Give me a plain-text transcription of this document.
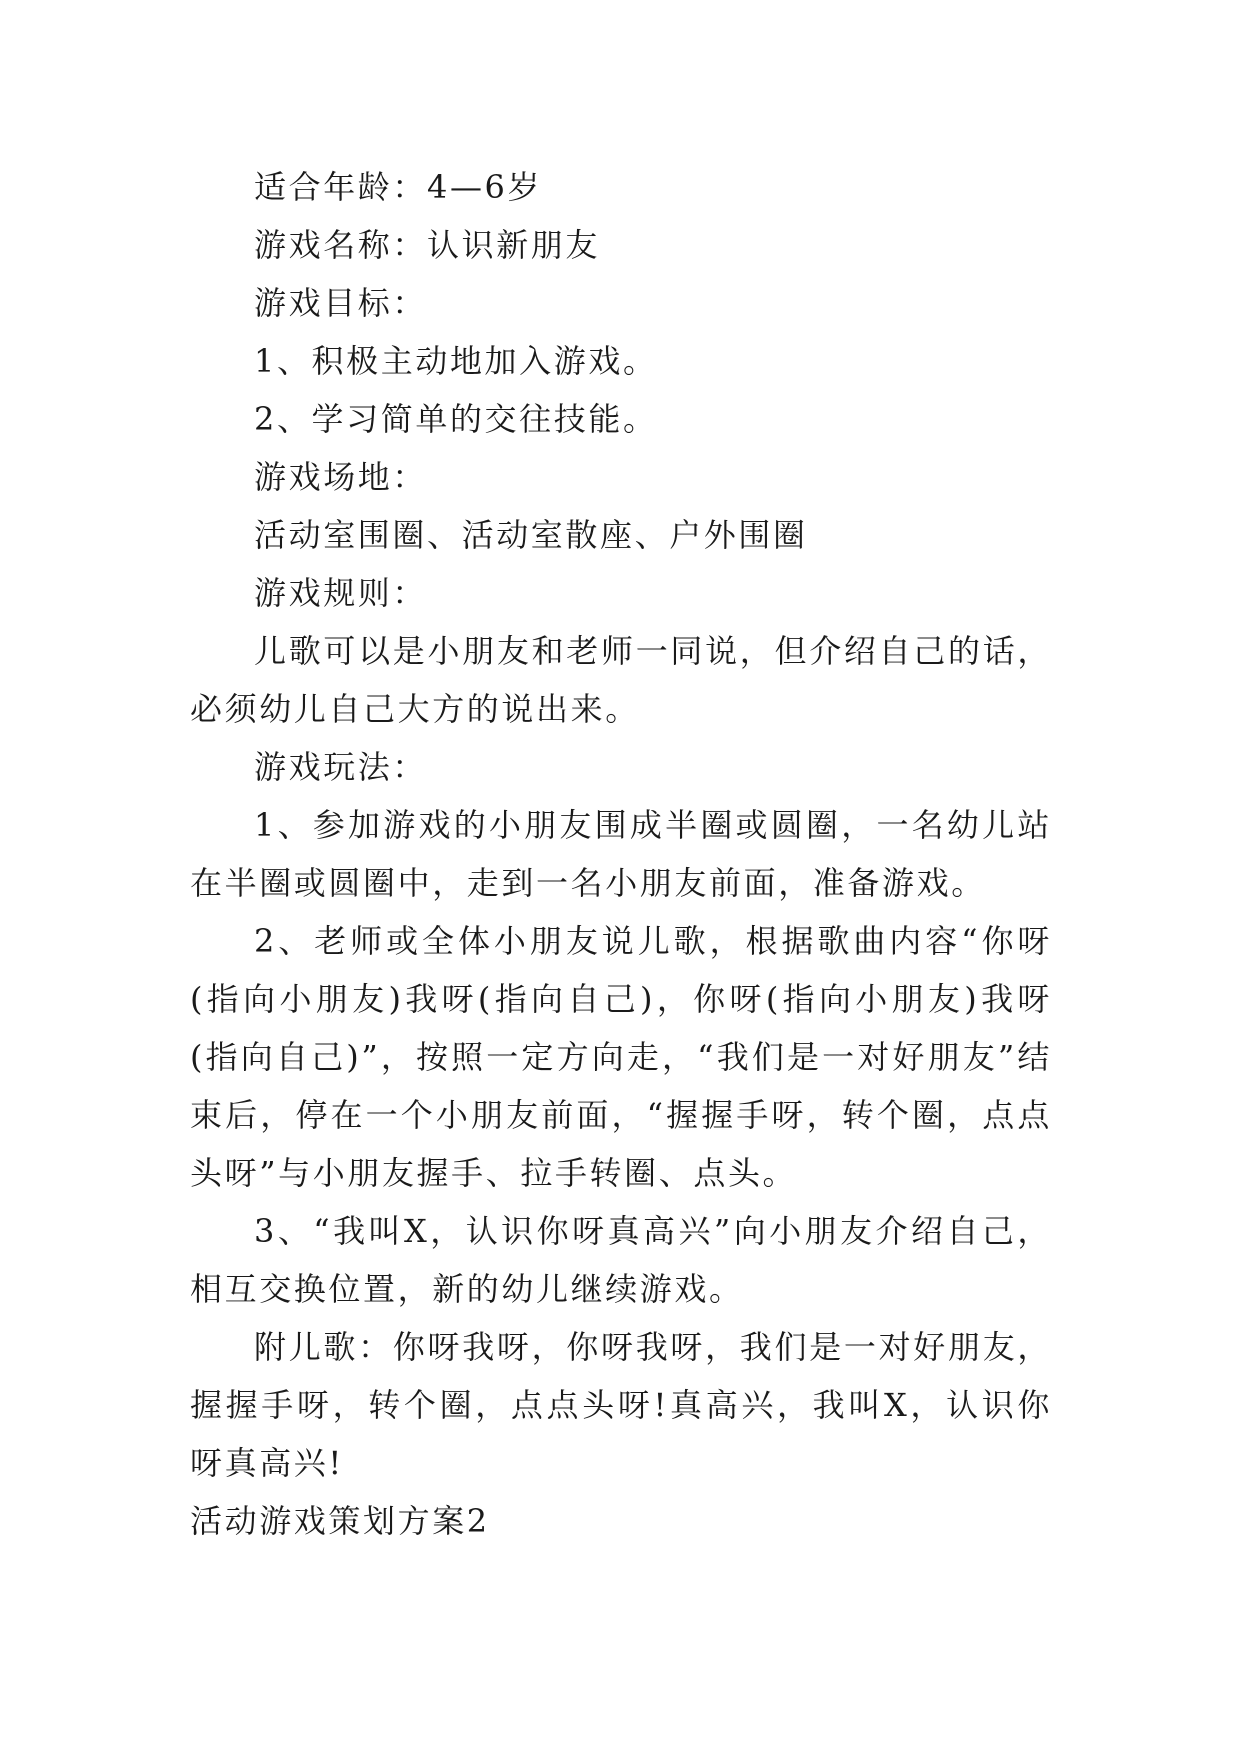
适合年龄：4—6岁

游戏名称：认识新朋友

游戏目标：

1、积极主动地加入游戏。

2、学习简单的交往技能。

游戏场地：

活动室围圈、活动室散座、户外围圈

游戏规则：

儿歌可以是小朋友和老师一同说，但介绍自己的话，必须幼儿自己大方的说出来。

游戏玩法：

1、参加游戏的小朋友围成半圈或圆圈，一名幼儿站在半圈或圆圈中，走到一名小朋友前面，准备游戏。

2、老师或全体小朋友说儿歌，根据歌曲内容“你呀(指向小朋友)我呀(指向自己)，你呀(指向小朋友)我呀(指向自己)”，按照一定方向走，“我们是一对好朋友”结束后，停在一个小朋友前面，“握握手呀，转个圈，点点头呀”与小朋友握手、拉手转圈、点头。

3、“我叫X，认识你呀真高兴”向小朋友介绍自己，相互交换位置，新的幼儿继续游戏。

附儿歌：你呀我呀，你呀我呀，我们是一对好朋友，握握手呀，转个圈，点点头呀!真高兴，我叫X，认识你呀真高兴!

活动游戏策划方案2
